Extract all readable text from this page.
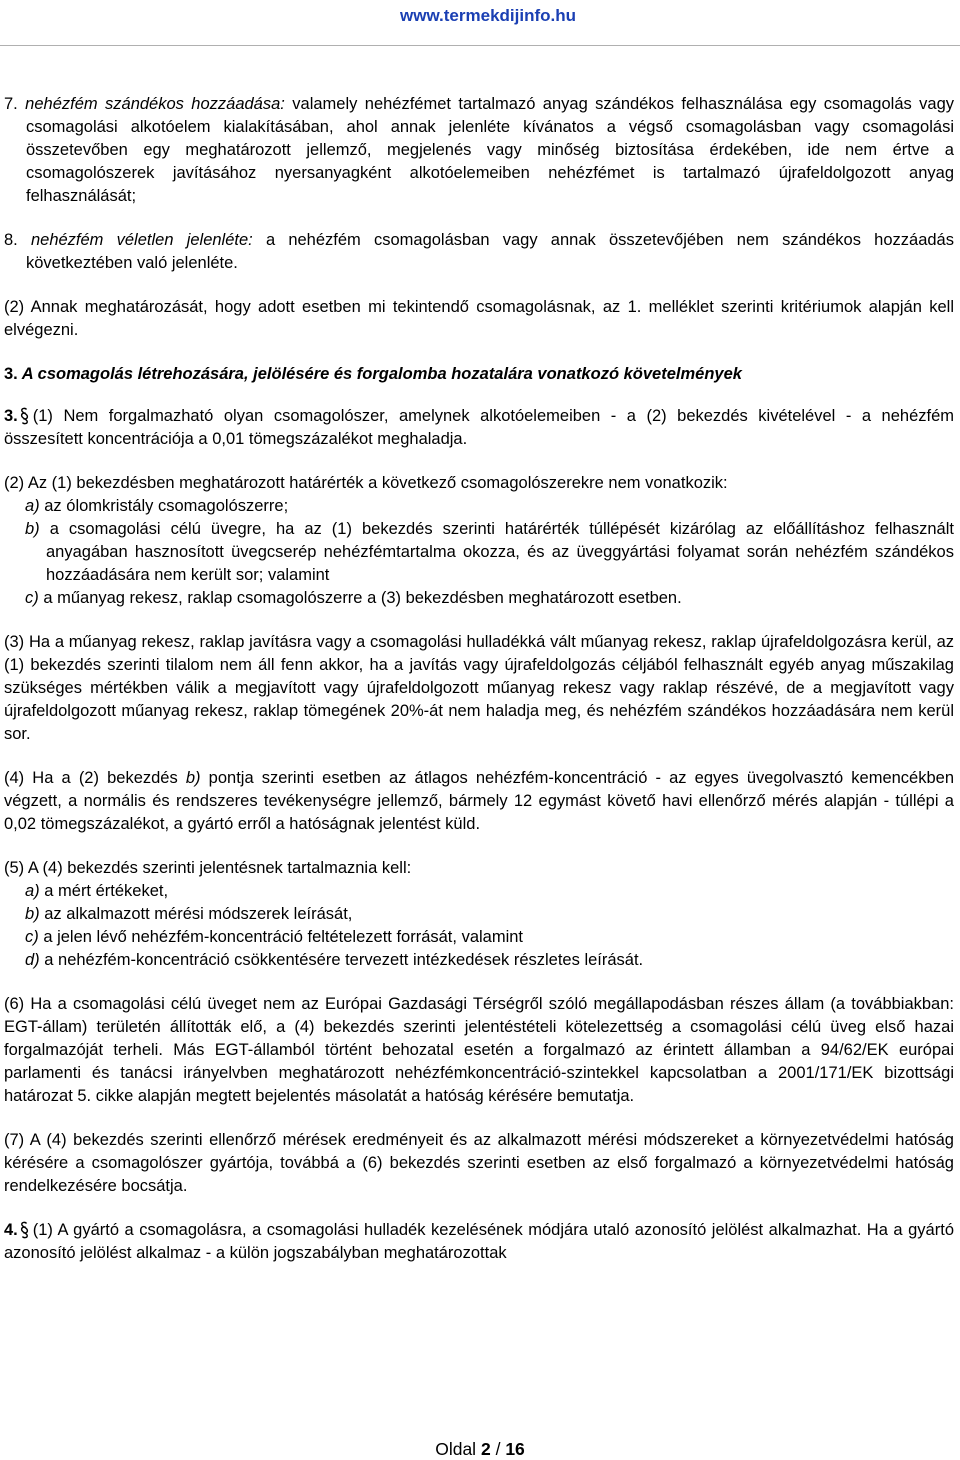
www.termekdijinfo.hu

7. nehézfém szándékos hozzáadása: valamely nehézfémet tartalmazó anyag szándékos felhasználása egy csomagolás vagy csomagolási alkotóelem kialakításában, ahol annak jelenléte kívánatos a végső csomagolásban vagy csomagolási összetevőben egy meghatározott jellemző, megjelenés vagy minőség biztosítása érdekében, ide nem értve a csomagolószerek javításához nyersanyagként alkotóelemeiben nehézfémet is tartalmazó újrafeldolgozott anyag felhasználását;

8. nehézfém véletlen jelenléte: a nehézfém csomagolásban vagy annak összetevőjében nem szándékos hozzáadás következtében való jelenléte.

(2) Annak meghatározását, hogy adott esetben mi tekintendő csomagolásnak, az 1. melléklet szerinti kritériumok alapján kell elvégezni.

3. A csomagolás létrehozására, jelölésére és forgalomba hozatalára vonatkozó követelmények

3. (1) Nem forgalmazható olyan csomagolószer, amelynek alkotóelemeiben - a (2) bekezdés kivételével - a nehézfém összesített koncentrációja a 0,01 tömegszázalékot meghaladja.

(2) Az (1) bekezdésben meghatározott határérték a következő csomagolószerekre nem vonatkozik:

a) az ólomkristály csomagolószerre;

b) a csomagolási célú üvegre, ha az (1) bekezdés szerinti határérték túllépését kizárólag az előállításhoz felhasznált anyagában hasznosított üvegcserép nehézfémtartalma okozza, és az üveggyártási folyamat során nehézfém szándékos hozzáadására nem került sor; valamint

c) a műanyag rekesz, raklap csomagolószerre a (3) bekezdésben meghatározott esetben.

(3) Ha a műanyag rekesz, raklap javításra vagy a csomagolási hulladékká vált műanyag rekesz, raklap újrafeldolgozásra kerül, az (1) bekezdés szerinti tilalom nem áll fenn akkor, ha a javítás vagy újrafeldolgozás céljából felhasznált egyéb anyag műszakilag szükséges mértékben válik a megjavított vagy újrafeldolgozott műanyag rekesz vagy raklap részévé, de a megjavított vagy újrafeldolgozott műanyag rekesz, raklap tömegének 20%-át nem haladja meg, és nehézfém szándékos hozzáadására nem kerül sor.

(4) Ha a (2) bekezdés b) pontja szerinti esetben az átlagos nehézfém-koncentráció - az egyes üvegolvasztó kemencékben végzett, a normális és rendszeres tevékenységre jellemző, bármely 12 egymást követő havi ellenőrző mérés alapján - túllépi a 0,02 tömegszázalékot, a gyártó erről a hatóságnak jelentést küld.

(5) A (4) bekezdés szerinti jelentésnek tartalmaznia kell:

a) a mért értékeket,

b) az alkalmazott mérési módszerek leírását,

c) a jelen lévő nehézfém-koncentráció feltételezett forrását, valamint

d) a nehézfém-koncentráció csökkentésére tervezett intézkedések részletes leírását.

(6) Ha a csomagolási célú üveget nem az Európai Gazdasági Térségről szóló megállapodásban részes állam (a továbbiakban: EGT-állam) területén állították elő, a (4) bekezdés szerinti jelentéstételi kötelezettség a csomagolási célú üveg első hazai forgalmazóját terheli. Más EGT-államból történt behozatal esetén a forgalmazó az érintett államban a 94/62/EK európai parlamenti és tanácsi irányelvben meghatározott nehézfémkoncentráció-szintekkel kapcsolatban a 2001/171/EK bizottsági határozat 5. cikke alapján megtett bejelentés másolatát a hatóság kérésére bemutatja.

(7) A (4) bekezdés szerinti ellenőrző mérések eredményeit és az alkalmazott mérési módszereket a környezetvédelmi hatóság kérésére a csomagolószer gyártója, továbbá a (6) bekezdés szerinti esetben az első forgalmazó a környezetvédelmi hatóság rendelkezésére bocsátja.

4. (1) A gyártó a csomagolásra, a csomagolási hulladék kezelésének módjára utaló azonosító jelölést alkalmazhat. Ha a gyártó azonosító jelölést alkalmaz - a külön jogszabályban meghatározottak

Oldal 2 / 16
